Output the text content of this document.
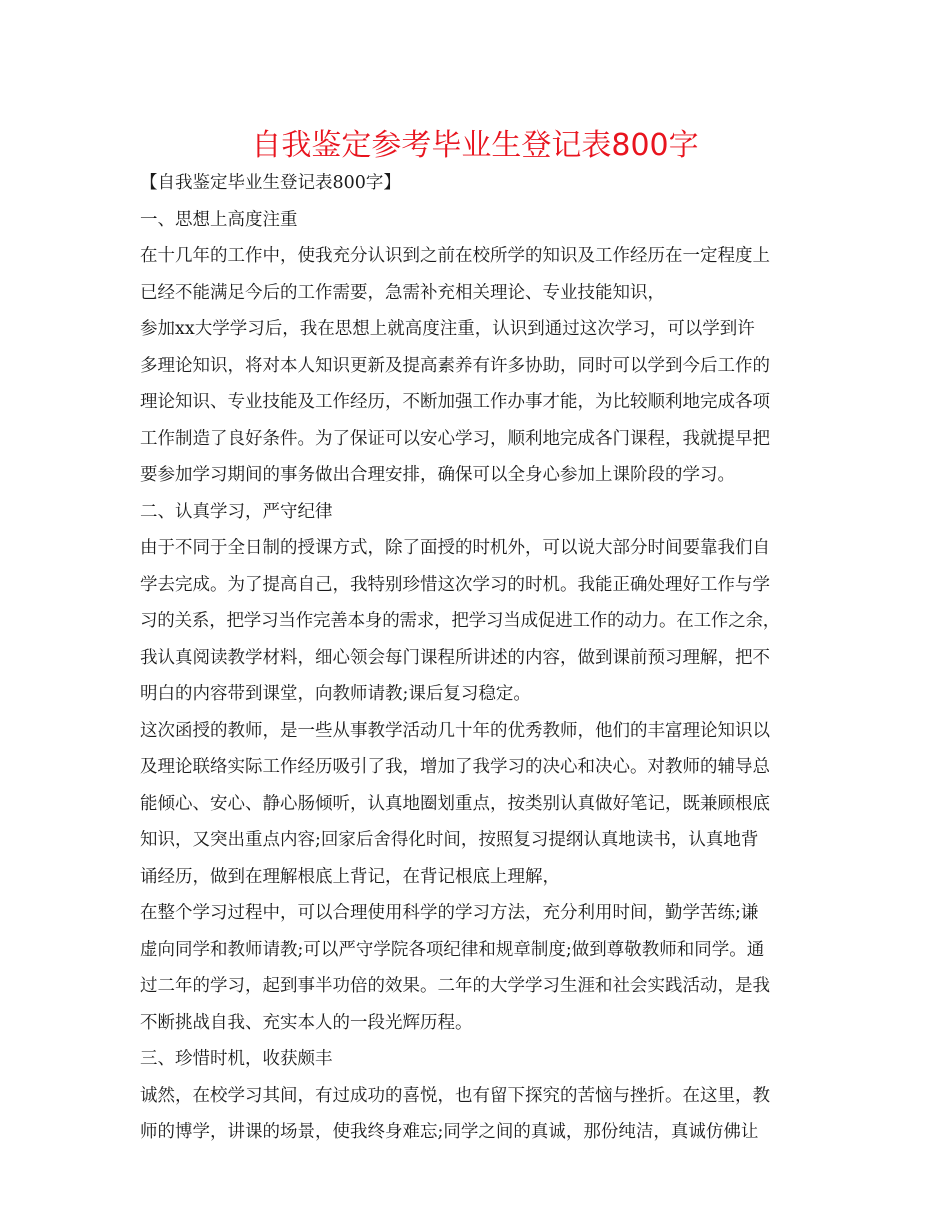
自我鉴定参考毕业生登记表800字

【自我鉴定毕业生登记表800字】

一、思想上高度注重

在十几年的工作中，使我充分认识到之前在校所学的知识及工作经历在一定程度上

已经不能满足今后的工作需要，急需补充相关理论、专业技能知识，

参加xx大学学习后，我在思想上就高度注重，认识到通过这次学习，可以学到许

多理论知识，将对本人知识更新及提高素养有许多协助，同时可以学到今后工作的

理论知识、专业技能及工作经历，不断加强工作办事才能，为比较顺利地完成各项

工作制造了良好条件。为了保证可以安心学习，顺利地完成各门课程，我就提早把

要参加学习期间的事务做出合理安排，确保可以全身心参加上课阶段的学习。

二、认真学习，严守纪律

由于不同于全日制的授课方式，除了面授的时机外，可以说大部分时间要靠我们自

学去完成。为了提高自己，我特别珍惜这次学习的时机。我能正确处理好工作与学

习的关系，把学习当作完善本身的需求，把学习当成促进工作的动力。在工作之余，

我认真阅读教学材料，细心领会每门课程所讲述的内容，做到课前预习理解，把不

明白的内容带到课堂，向教师请教;课后复习稳定。

这次函授的教师，是一些从事教学活动几十年的优秀教师，他们的丰富理论知识以

及理论联络实际工作经历吸引了我，增加了我学习的决心和决心。对教师的辅导总

能倾心、安心、静心肠倾听，认真地圈划重点，按类别认真做好笔记，既兼顾根底

知识，又突出重点内容;回家后舍得化时间，按照复习提纲认真地读书，认真地背

诵经历，做到在理解根底上背记，在背记根底上理解，

在整个学习过程中，可以合理使用科学的学习方法，充分利用时间，勤学苦练;谦

虚向同学和教师请教;可以严守学院各项纪律和规章制度;做到尊敬教师和同学。通

过二年的学习，起到事半功倍的效果。二年的大学学习生涯和社会实践活动，是我

不断挑战自我、充实本人的一段光辉历程。

三、珍惜时机，收获颇丰

诚然，在校学习其间，有过成功的喜悦，也有留下探究的苦恼与挫折。在这里，教

师的博学，讲课的场景，使我终身难忘;同学之间的真诚，那份纯洁，真诚仿佛让
